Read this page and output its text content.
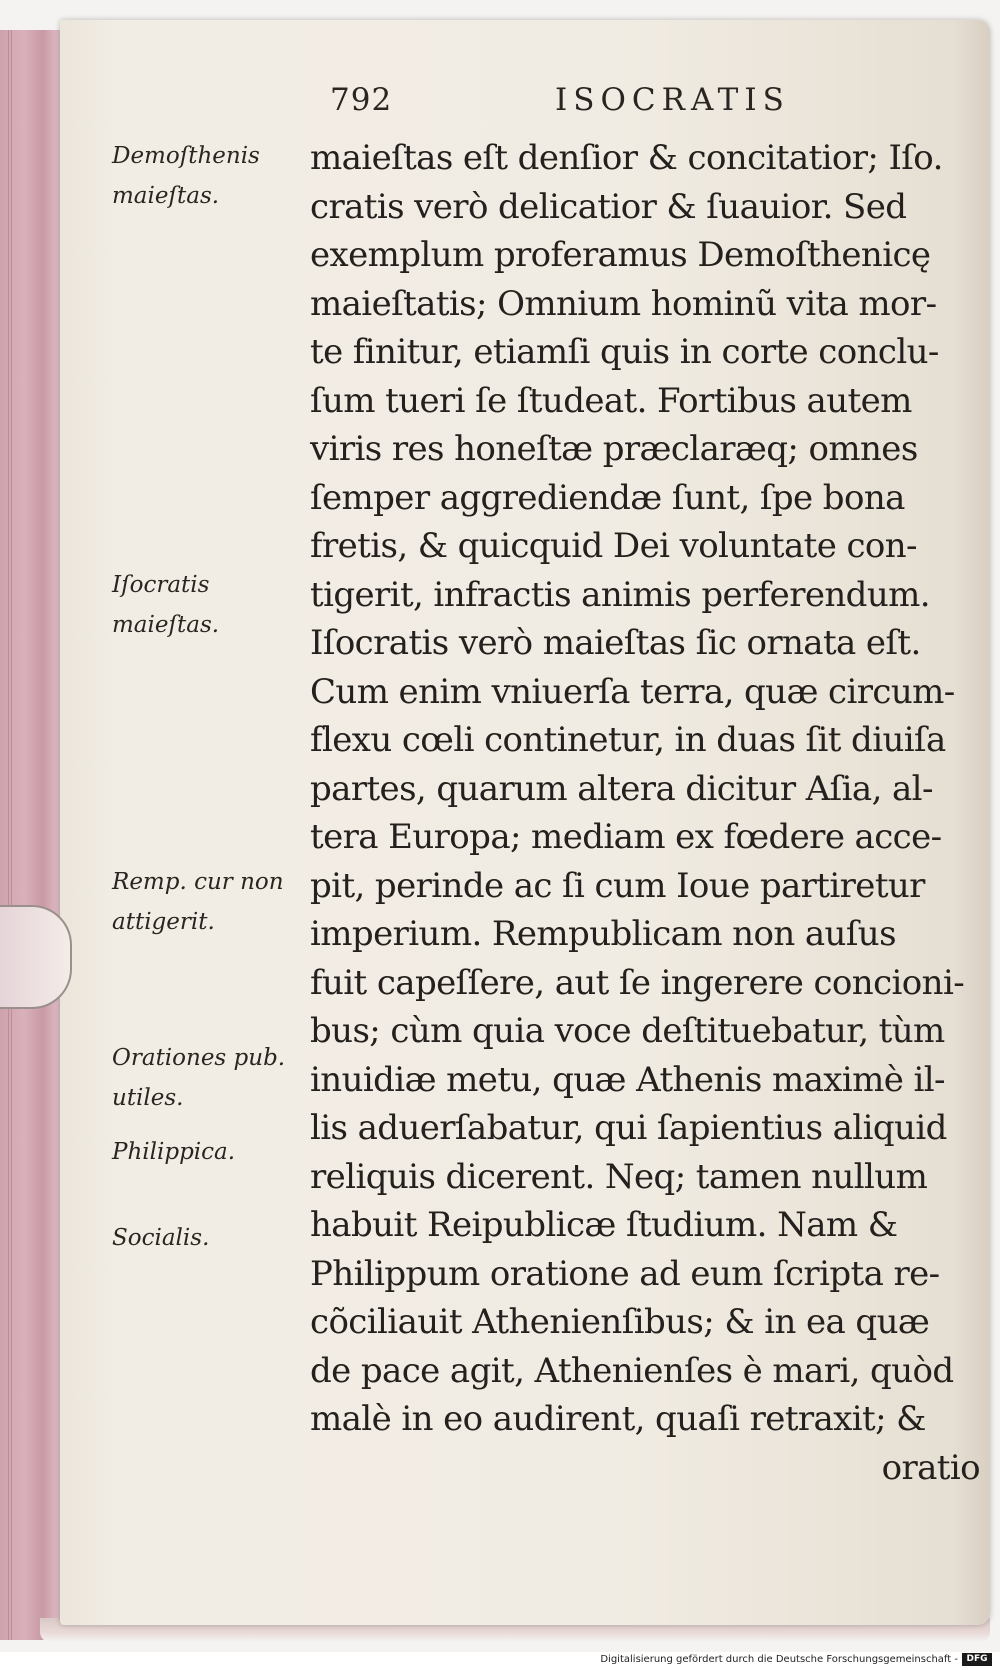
792	ISOCRATIS
Demoſthenis maieſtas.
Iſocratis maieſtas.
Remp. cur non attigerit.
Orationes pub. utiles.
Philippica.
Socialis.
maieſtas eſt denſior & concitatior; Iſo.
cratis verò delicatior & ſuauior. Sed
exemplum proferamus Demoſthenicę
maieſtatis; Omnium hominũ vita mor-
te finitur, etiamſi quis in corte conclu-
ſum tueri ſe ſtudeat. Fortibus autem
viris res honeſtæ præclaræq; omnes
ſemper aggrediendæ ſunt, ſpe bona
fretis, & quicquid Dei voluntate con-
tigerit, infractis animis perferendum.
Iſocratis verò maieſtas ſic ornata eſt.
Cum enim vniuerſa terra, quæ circum-
flexu cœli continetur, in duas ſit diuiſa
partes, quarum altera dicitur Aſia, al-
tera Europa; mediam ex fœdere acce-
pit, perinde ac ſi cum Ioue partiretur
imperium. Rempublicam non auſus
fuit capeſſere, aut ſe ingerere concioni-
bus; cùm quia voce deſtituebatur, tùm
inuidiæ metu, quæ Athenis maximè il-
lis aduerſabatur, qui ſapientius aliquid
reliquis dicerent. Neq; tamen nullum
habuit Reipublicæ ſtudium. Nam &
Philippum oratione ad eum ſcripta re-
cõciliauit Athenienſibus; & in ea quæ
de pace agit, Athenienſes è mari, quòd
malè in eo audirent, quaſi retraxit; &
oratio
Digitalisierung gefördert durch die Deutsche Forschungsgemeinschaft - DFG
